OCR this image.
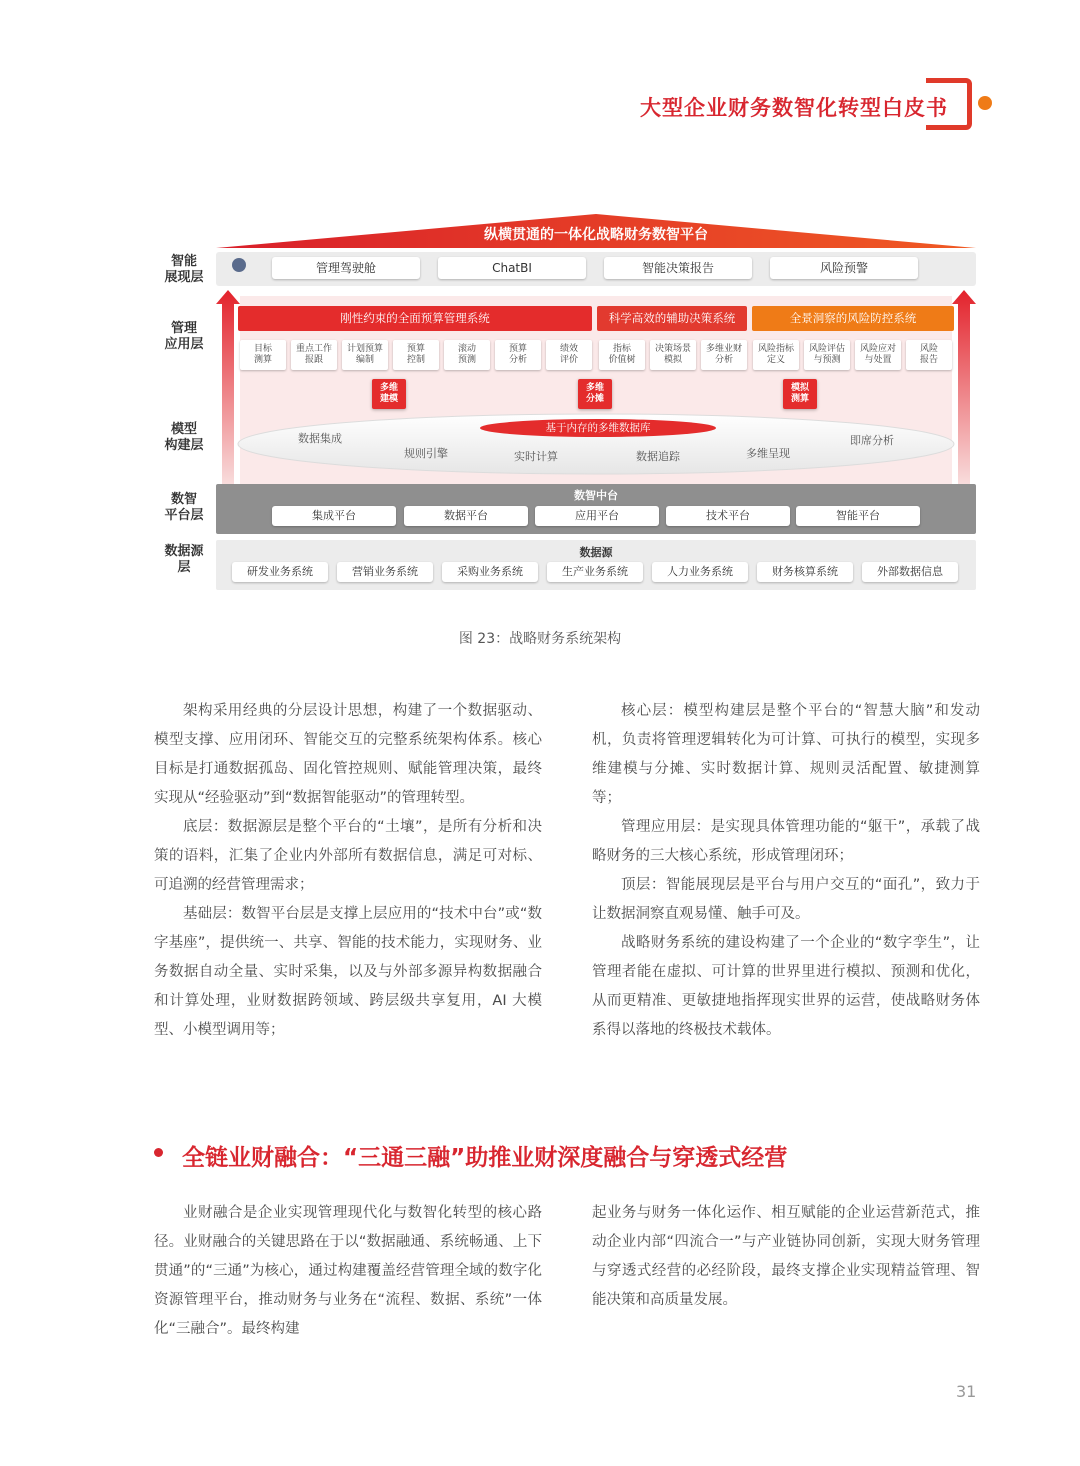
大型企业财务数智化转型白皮书
纵横贯通的一体化战略财务数智平台
智能
展现层
管理
应用层
模型
构建层
数智
平台层
数据源
层
管理驾驶舱	ChatBI	智能决策报告	风险预警
刚性约束的全面预算管理系统	科学高效的辅助决策系统	全景洞察的风险防控系统
目标
测算
重点工作
报跟
计划预算
编制
预算
控制
滚动
预测
预算
分析
绩效
评价
指标
价值树
决策场景
模拟
多维业财
分析
风险指标
定义
风险评估
与预测
风险应对
与处置
风险
报告
多维
建模
多维
分摊
模拟
测算
基于内存的多维数据库
数据集成
规则引擎	实时计算	数据追踪	多维呈现
即席分析
数智中台
集成平台	数据平台	应用平台	技术平台	智能平台
数据源
研发业务系统	营销业务系统	采购业务系统	生产业务系统	人力业务系统	财务核算系统	外部数据信息
图 23：战略财务系统架构

架构采用经典的分层设计思想，构建了一个数据驱动、模型支撑、应用闭环、智能交互的完整系统架构体系。核心目标是打通数据孤岛、固化管控规则、赋能管理决策，最终实现从“经验驱动”到“数据智能驱动”的管理转型。

底层：数据源层是整个平台的“土壤”，是所有分析和决策的语料，汇集了企业内外部所有数据信息，满足可对标、可追溯的经营管理需求；

基础层：数智平台层是支撑上层应用的“技术中台”或“数字基座”，提供统一、共享、智能的技术能力，实现财务、业务数据自动全量、实时采集，以及与外部多源异构数据融合和计算处理，业财数据跨领域、跨层级共享复用，AI 大模型、小模型调用等；

核心层：模型构建层是整个平台的“智慧大脑”和发动机，负责将管理逻辑转化为可计算、可执行的模型，实现多维建模与分摊、实时数据计算、规则灵活配置、敏捷测算等；

管理应用层：是实现具体管理功能的“躯干”，承载了战略财务的三大核心系统，形成管理闭环；

顶层：智能展现层是平台与用户交互的“面孔”，致力于让数据洞察直观易懂、触手可及。

战略财务系统的建设构建了一个企业的“数字孪生”，让管理者能在虚拟、可计算的世界里进行模拟、预测和优化，从而更精准、更敏捷地指挥现实世界的运营，使战略财务体系得以落地的终极技术载体。

全链业财融合：“三通三融”助推业财深度融合与穿透式经营

业财融合是企业实现管理现代化与数智化转型的核心路径。业财融合的关键思路在于以“数据融通、系统畅通、上下贯通”的“三通”为核心，通过构建覆盖经营管理全域的数字化资源管理平台，推动财务与业务在“流程、数据、系统”一体化“三融合”。最终构建

起业务与财务一体化运作、相互赋能的企业运营新范式，推动企业内部“四流合一”与产业链协同创新，实现大财务管理与穿透式经营的必经阶段，最终支撑企业实现精益管理、智能决策和高质量发展。

31
